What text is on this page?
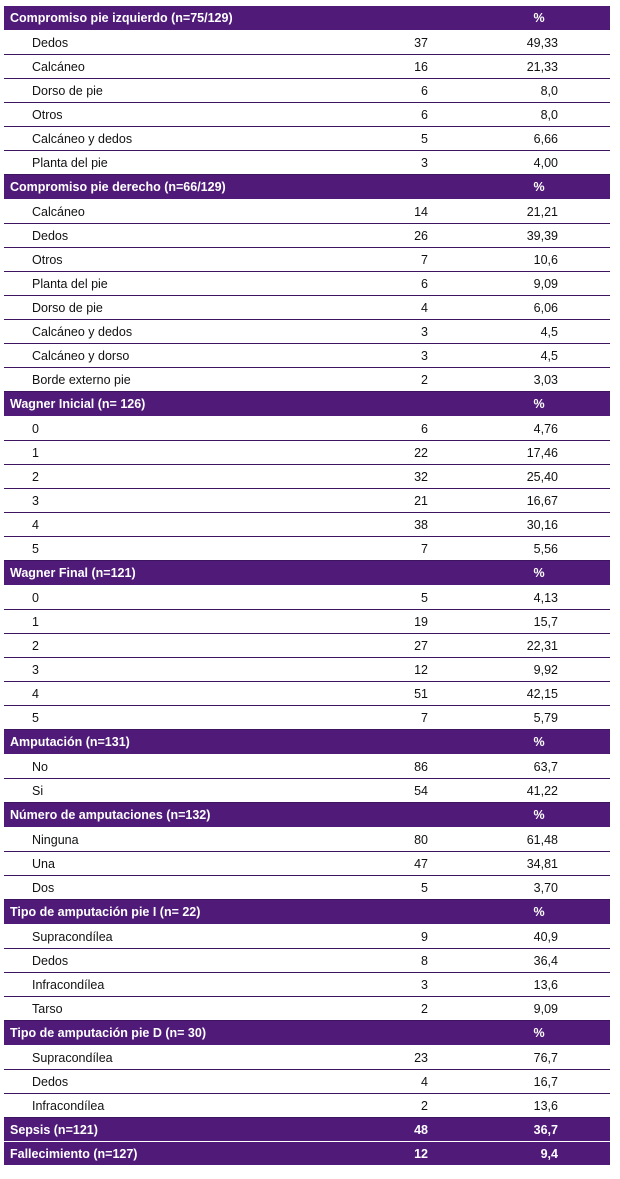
Compromiso pie izquierdo (n=75/129)		%
Dedos	37	49,33
Calcáneo	16	21,33
Dorso de pie	6	8,0
Otros	6	8,0
Calcáneo y dedos	5	6,66
Planta del pie	3	4,00
Compromiso pie derecho (n=66/129)		%
Calcáneo	14	21,21
Dedos	26	39,39
Otros	7	10,6
Planta del pie	6	9,09
Dorso de pie	4	6,06
Calcáneo y dedos	3	4,5
Calcáneo y dorso	3	4,5
Borde externo pie	2	3,03
Wagner Inicial (n= 126)		%
0	6	4,76
1	22	17,46
2	32	25,40
3	21	16,67
4	38	30,16
5	7	5,56
Wagner Final (n=121)		%
0	5	4,13
1	19	15,7
2	27	22,31
3	12	9,92
4	51	42,15
5	7	5,79
Amputación (n=131)		%
No	86	63,7
Si	54	41,22
Número de amputaciones (n=132)		%
Ninguna	80	61,48
Una	47	34,81
Dos	5	3,70
Tipo de amputación pie I (n= 22)		%
Supracondílea	9	40,9
Dedos	8	36,4
Infracondílea	3	13,6
Tarso	2	9,09
Tipo de amputación pie D (n= 30)		%
Supracondílea	23	76,7
Dedos	4	16,7
Infracondílea	2	13,6
Sepsis (n=121)	48	36,7
Fallecimiento (n=127)	12	9,4
